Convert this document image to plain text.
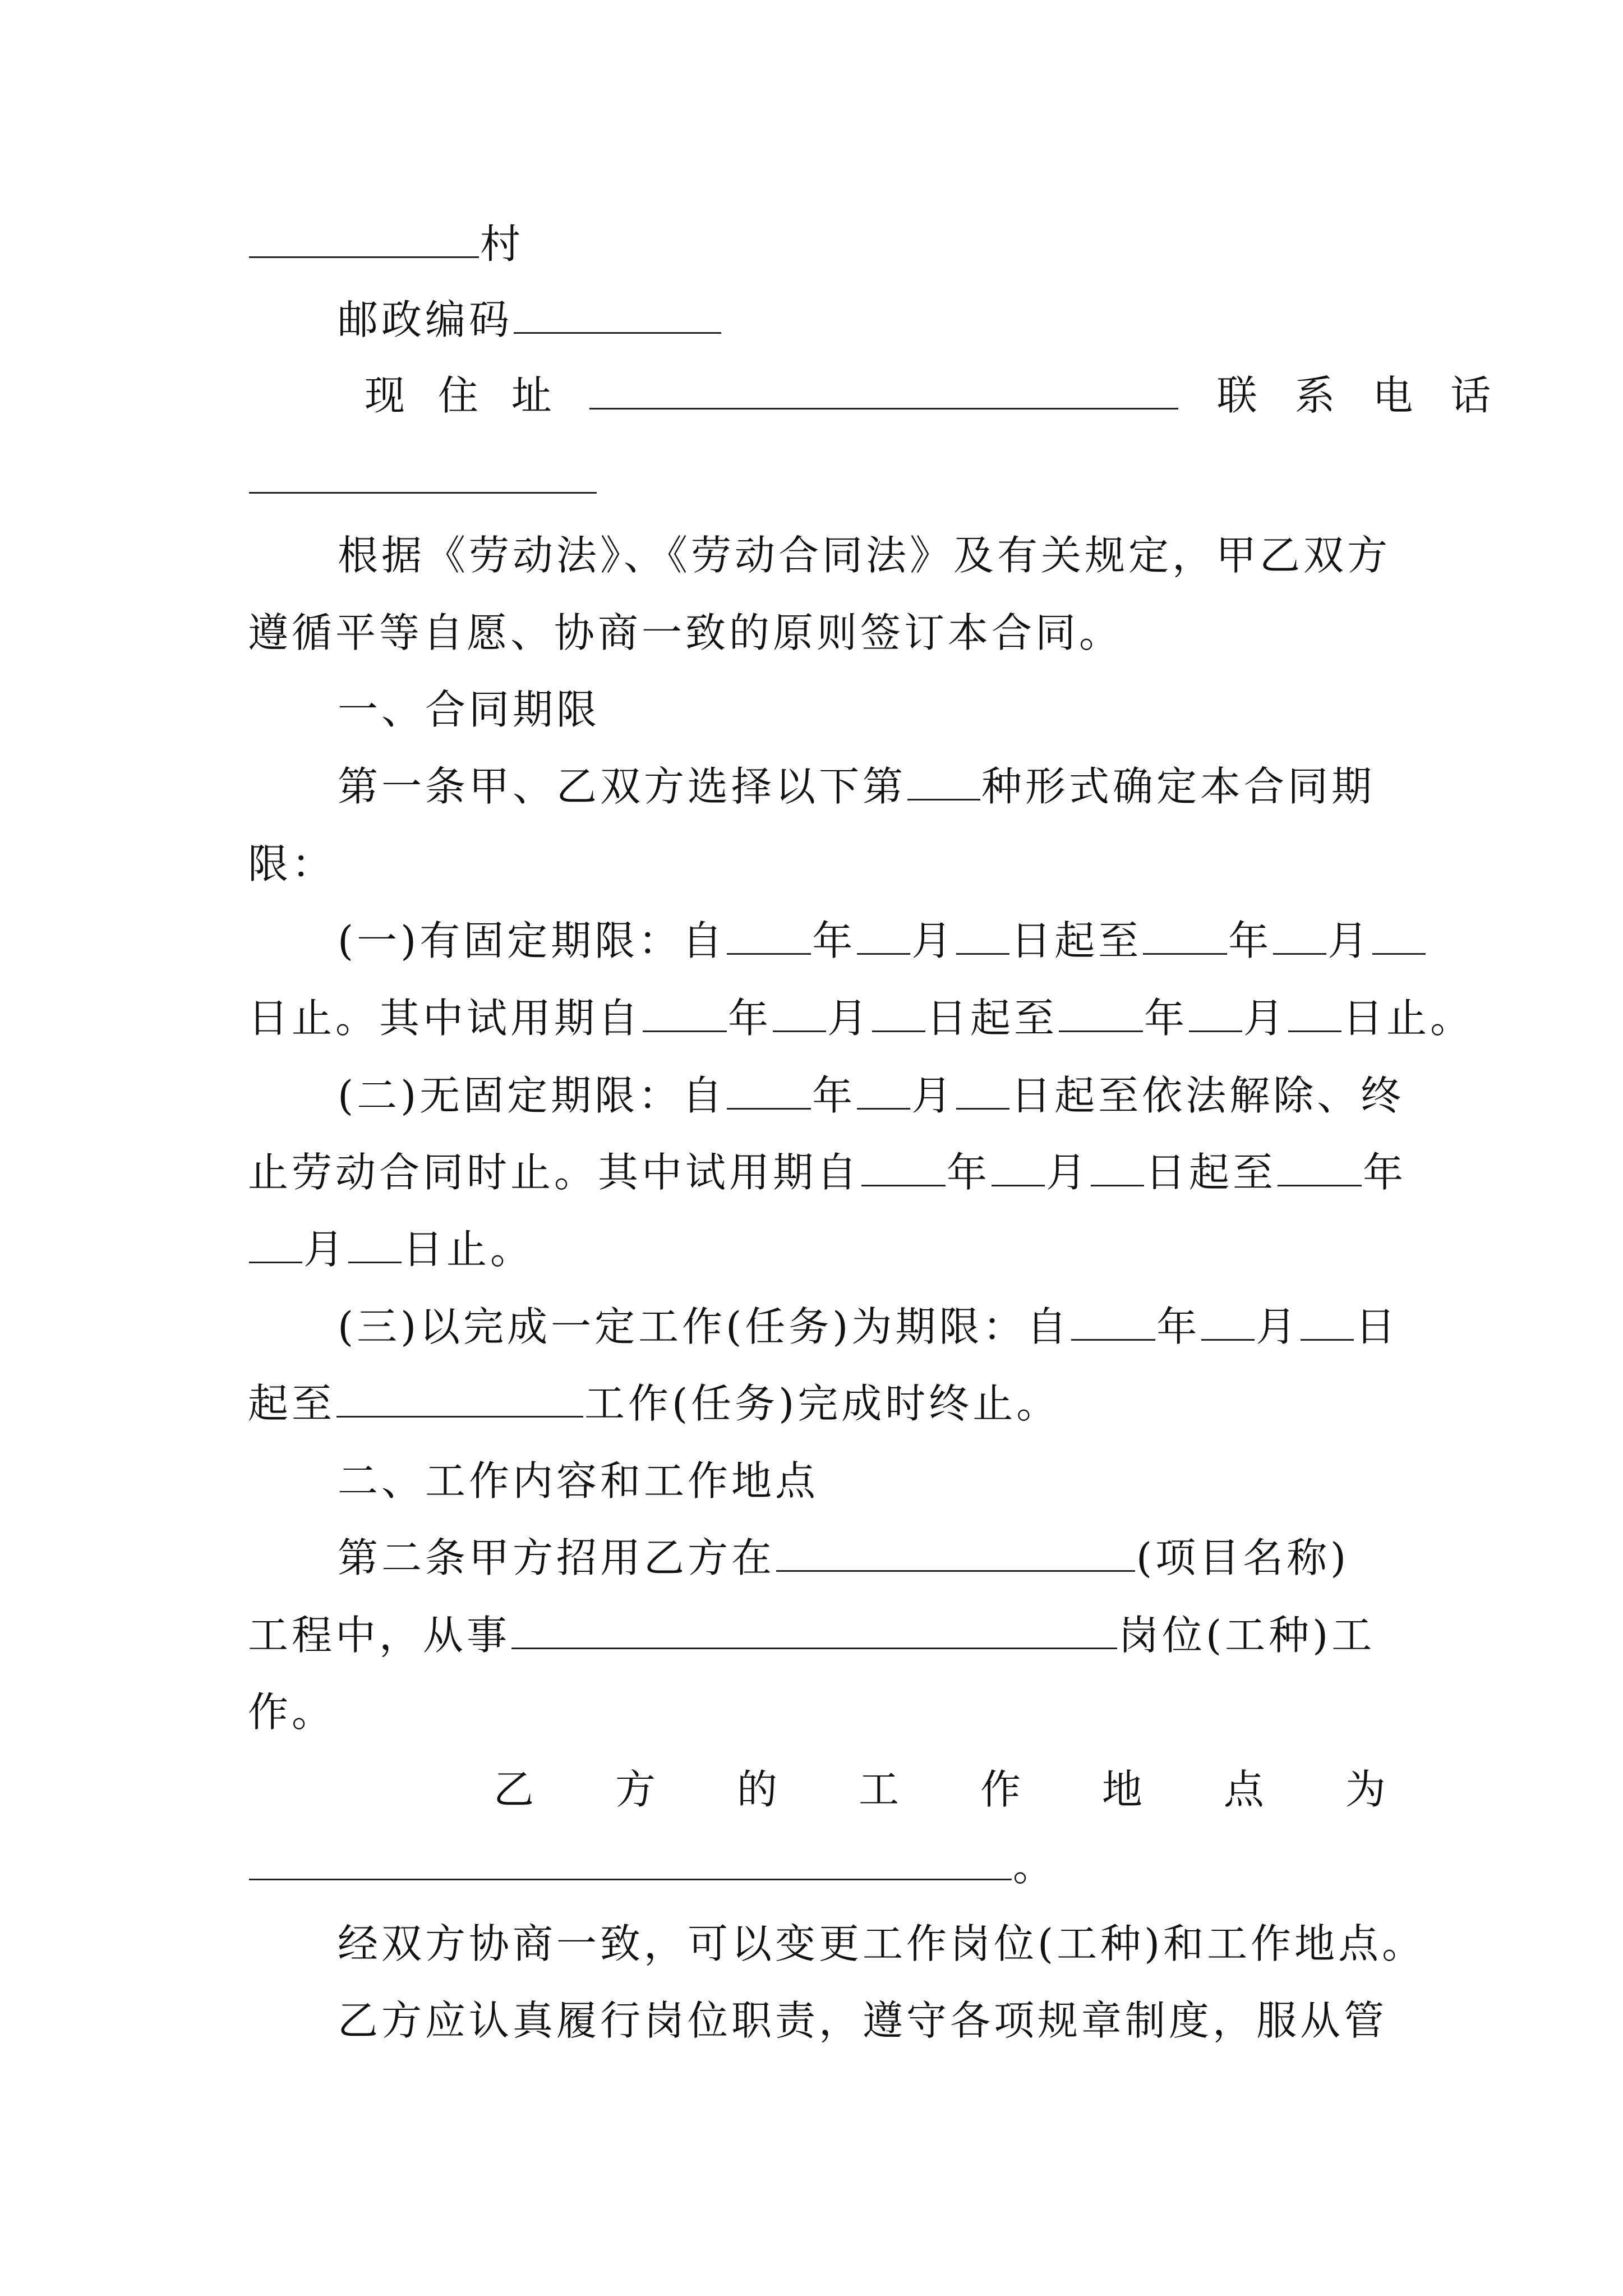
村
邮政编码
现 住 址	联 系 电 话
根据《劳动法》、《劳动合同法》及有关规定，甲乙双方
遵循平等自愿、协商一致的原则签订本合同。
一、合同期限
第一条甲、乙双方选择以下第 种形式确定本合同期
限：
(一)有固定期限：自 年 月 日起至 年 月
日止。其中试用期自 年 月 日起至 年 月 日止。
(二)无固定期限：自 年 月 日起至依法解除、终
止劳动合同时止。其中试用期自 年 月 日起至 年
月 日止。
(三)以完成一定工作(任务)为期限：自 年 月 日
起至	工作(任务)完成时终止。
二、工作内容和工作地点
第二条甲方招用乙方在	(项目名称)
工程中，从事	岗位(工种)工
作。
乙 方 的 工 作 地 点 为
。
经双方协商一致，可以变更工作岗位(工种)和工作地点。
乙方应认真履行岗位职责，遵守各项规章制度，服从管
